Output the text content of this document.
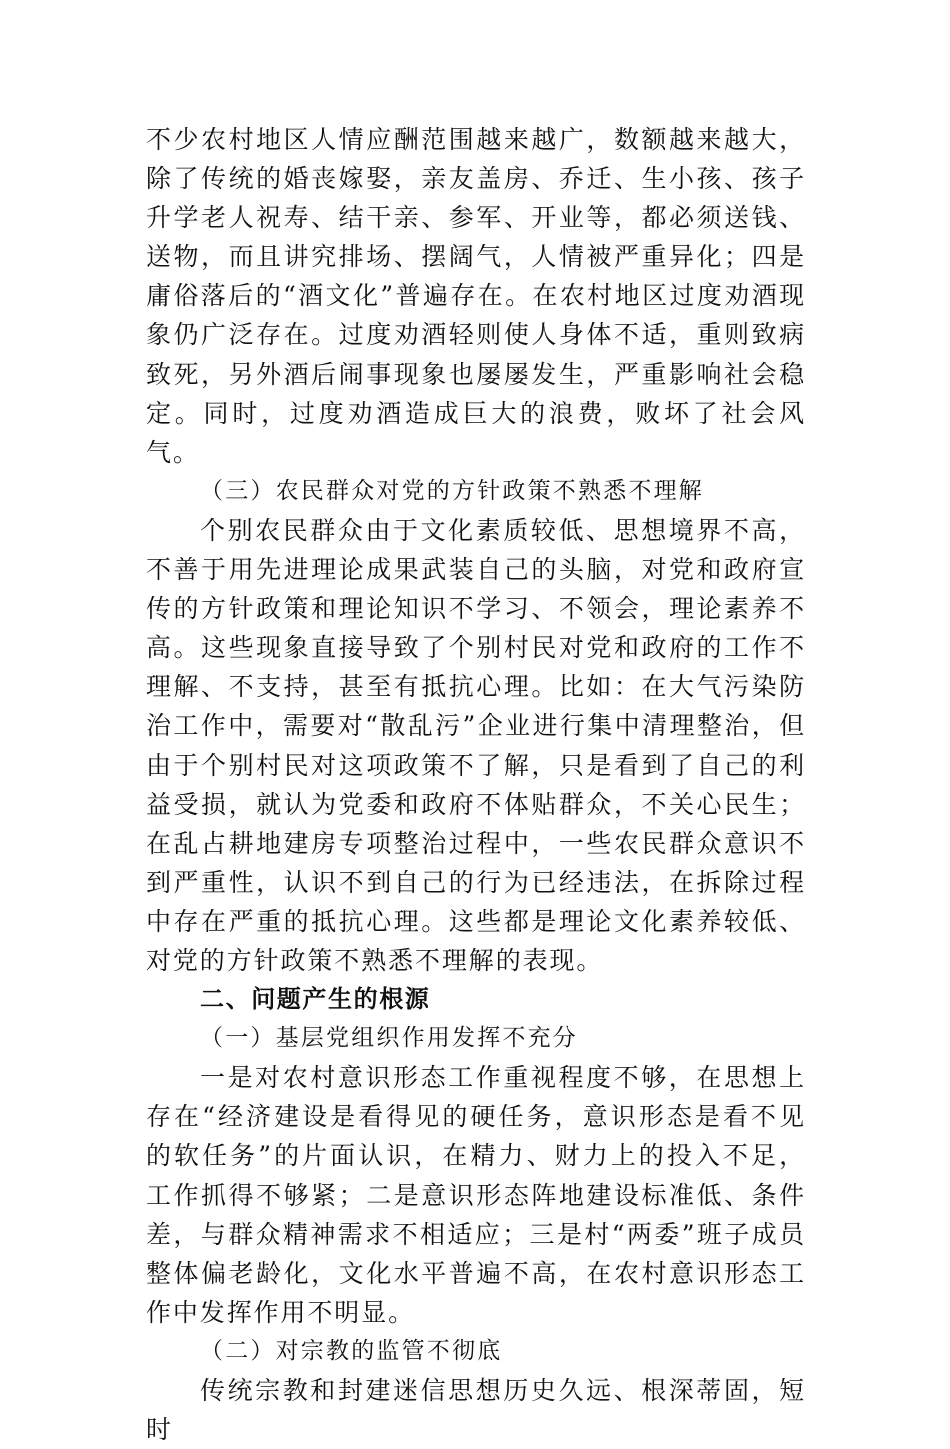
不少农村地区人情应酬范围越来越广，数额越来越大，除了传统的婚丧嫁娶，亲友盖房、乔迁、生小孩、孩子升学老人祝寿、结干亲、参军、开业等，都必须送钱、送物，而且讲究排场、摆阔气，人情被严重异化；四是庸俗落后的“酒文化”普遍存在。在农村地区过度劝酒现象仍广泛存在。过度劝酒轻则使人身体不适，重则致病致死，另外酒后闹事现象也屡屡发生，严重影响社会稳定。同时，过度劝酒造成巨大的浪费，败坏了社会风气。

（三）农民群众对党的方针政策不熟悉不理解

个别农民群众由于文化素质较低、思想境界不高，不善于用先进理论成果武装自己的头脑，对党和政府宣传的方针政策和理论知识不学习、不领会，理论素养不高。这些现象直接导致了个别村民对党和政府的工作不理解、不支持，甚至有抵抗心理。比如：在大气污染防治工作中，需要对“散乱污”企业进行集中清理整治，但由于个别村民对这项政策不了解，只是看到了自己的利益受损，就认为党委和政府不体贴群众，不关心民生；在乱占耕地建房专项整治过程中，一些农民群众意识不到严重性，认识不到自己的行为已经违法，在拆除过程中存在严重的抵抗心理。这些都是理论文化素养较低、对党的方针政策不熟悉不理解的表现。

二、问题产生的根源

（一）基层党组织作用发挥不充分

一是对农村意识形态工作重视程度不够，在思想上存在“经济建设是看得见的硬任务，意识形态是看不见的软任务”的片面认识，在精力、财力上的投入不足，工作抓得不够紧；二是意识形态阵地建设标准低、条件差，与群众精神需求不相适应；三是村“两委”班子成员整体偏老龄化，文化水平普遍不高，在农村意识形态工作中发挥作用不明显。

（二）对宗教的监管不彻底

传统宗教和封建迷信思想历史久远、根深蒂固，短时
